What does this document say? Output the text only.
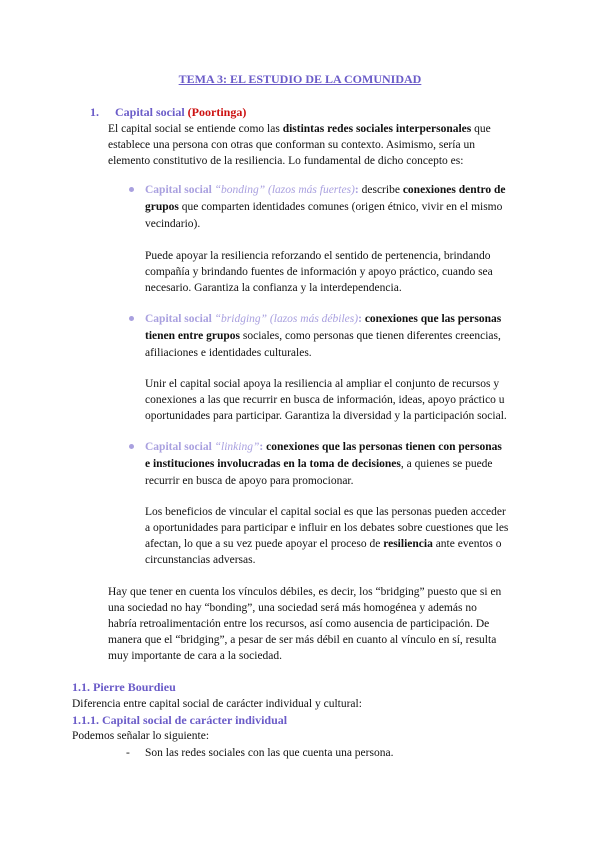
TEMA 3: EL ESTUDIO DE LA COMUNIDAD
1. Capital social (Poortinga)
El capital social se entiende como las distintas redes sociales interpersonales que
establece una persona con otras que conforman su contexto. Asimismo, sería un
elemento constitutivo de la resiliencia. Lo fundamental de dicho concepto es:
Capital social “bonding” (lazos más fuertes): describe conexiones dentro de
grupos que comparten identidades comunes (origen étnico, vivir en el mismo
vecindario).
Puede apoyar la resiliencia reforzando el sentido de pertenencia, brindando
compañía y brindando fuentes de información y apoyo práctico, cuando sea
necesario. Garantiza la confianza y la interdependencia.
Capital social “bridging” (lazos más débiles): conexiones que las personas
tienen entre grupos sociales, como personas que tienen diferentes creencias,
afiliaciones e identidades culturales.
Unir el capital social apoya la resiliencia al ampliar el conjunto de recursos y
conexiones a las que recurrir en busca de información, ideas, apoyo práctico u
oportunidades para participar. Garantiza la diversidad y la participación social.
Capital social “linking”: conexiones que las personas tienen con personas
e instituciones involucradas en la toma de decisiones, a quienes se puede
recurrir en busca de apoyo para promocionar.
Los beneficios de vincular el capital social es que las personas pueden acceder
a oportunidades para participar e influir en los debates sobre cuestiones que les
afectan, lo que a su vez puede apoyar el proceso de resiliencia ante eventos o
circunstancias adversas.
Hay que tener en cuenta los vínculos débiles, es decir, los “bridging” puesto que si en
una sociedad no hay “bonding”, una sociedad será más homogénea y además no
habría retroalimentación entre los recursos, así como ausencia de participación. De
manera que el “bridging”, a pesar de ser más débil en cuanto al vínculo en sí, resulta
muy importante de cara a la sociedad.
1.1. Pierre Bourdieu
Diferencia entre capital social de carácter individual y cultural:
1.1.1. Capital social de carácter individual
Podemos señalar lo siguiente:
- Son las redes sociales con las que cuenta una persona.
